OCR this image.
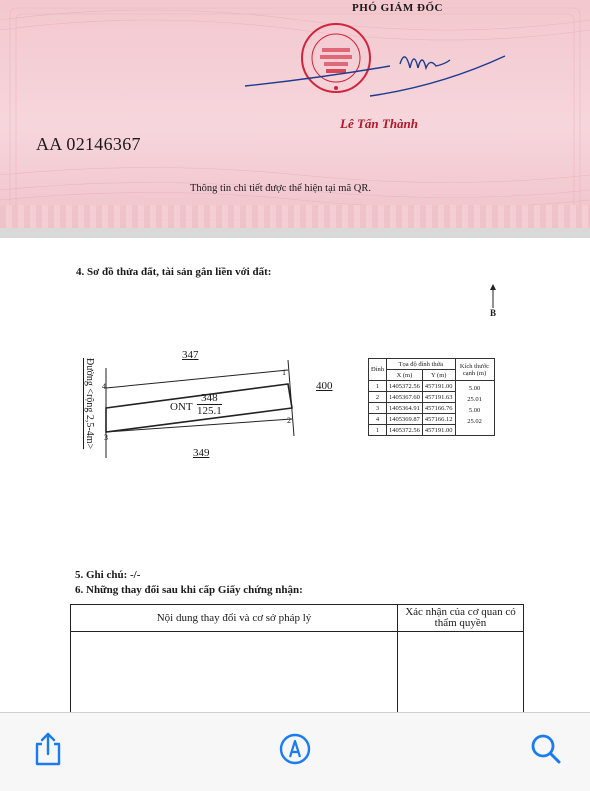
PHÓ GIÁM ĐỐC
Lê Tấn Thành
AA 02146367
Thông tin chi tiết được thể hiện tại mã QR.
4. Sơ đồ thửa đất, tài sản gắn liền với đất:
B
347
400
349
1
2
3
4
Đường <rộng 2,5-4m>	ONT $\frac{348}{125.1}$
Đỉnh	Tọa độ đỉnh thửa		Kích thước cạnh (m)
	X (m)	Y (m)	
1	1405372.56	457191.00	5.00
2	1405367.60	457191.63	25.01
3	1405364.91	457166.76	5.00
4	1405369.87	457166.12	25.02
1	1405372.56	457191.00	
5. Ghi chú: -/-
6. Những thay đổi sau khi cấp Giấy chứng nhận:
Nội dung thay đổi và cơ sở pháp lý	Xác nhận của cơ quan có thẩm quyền
